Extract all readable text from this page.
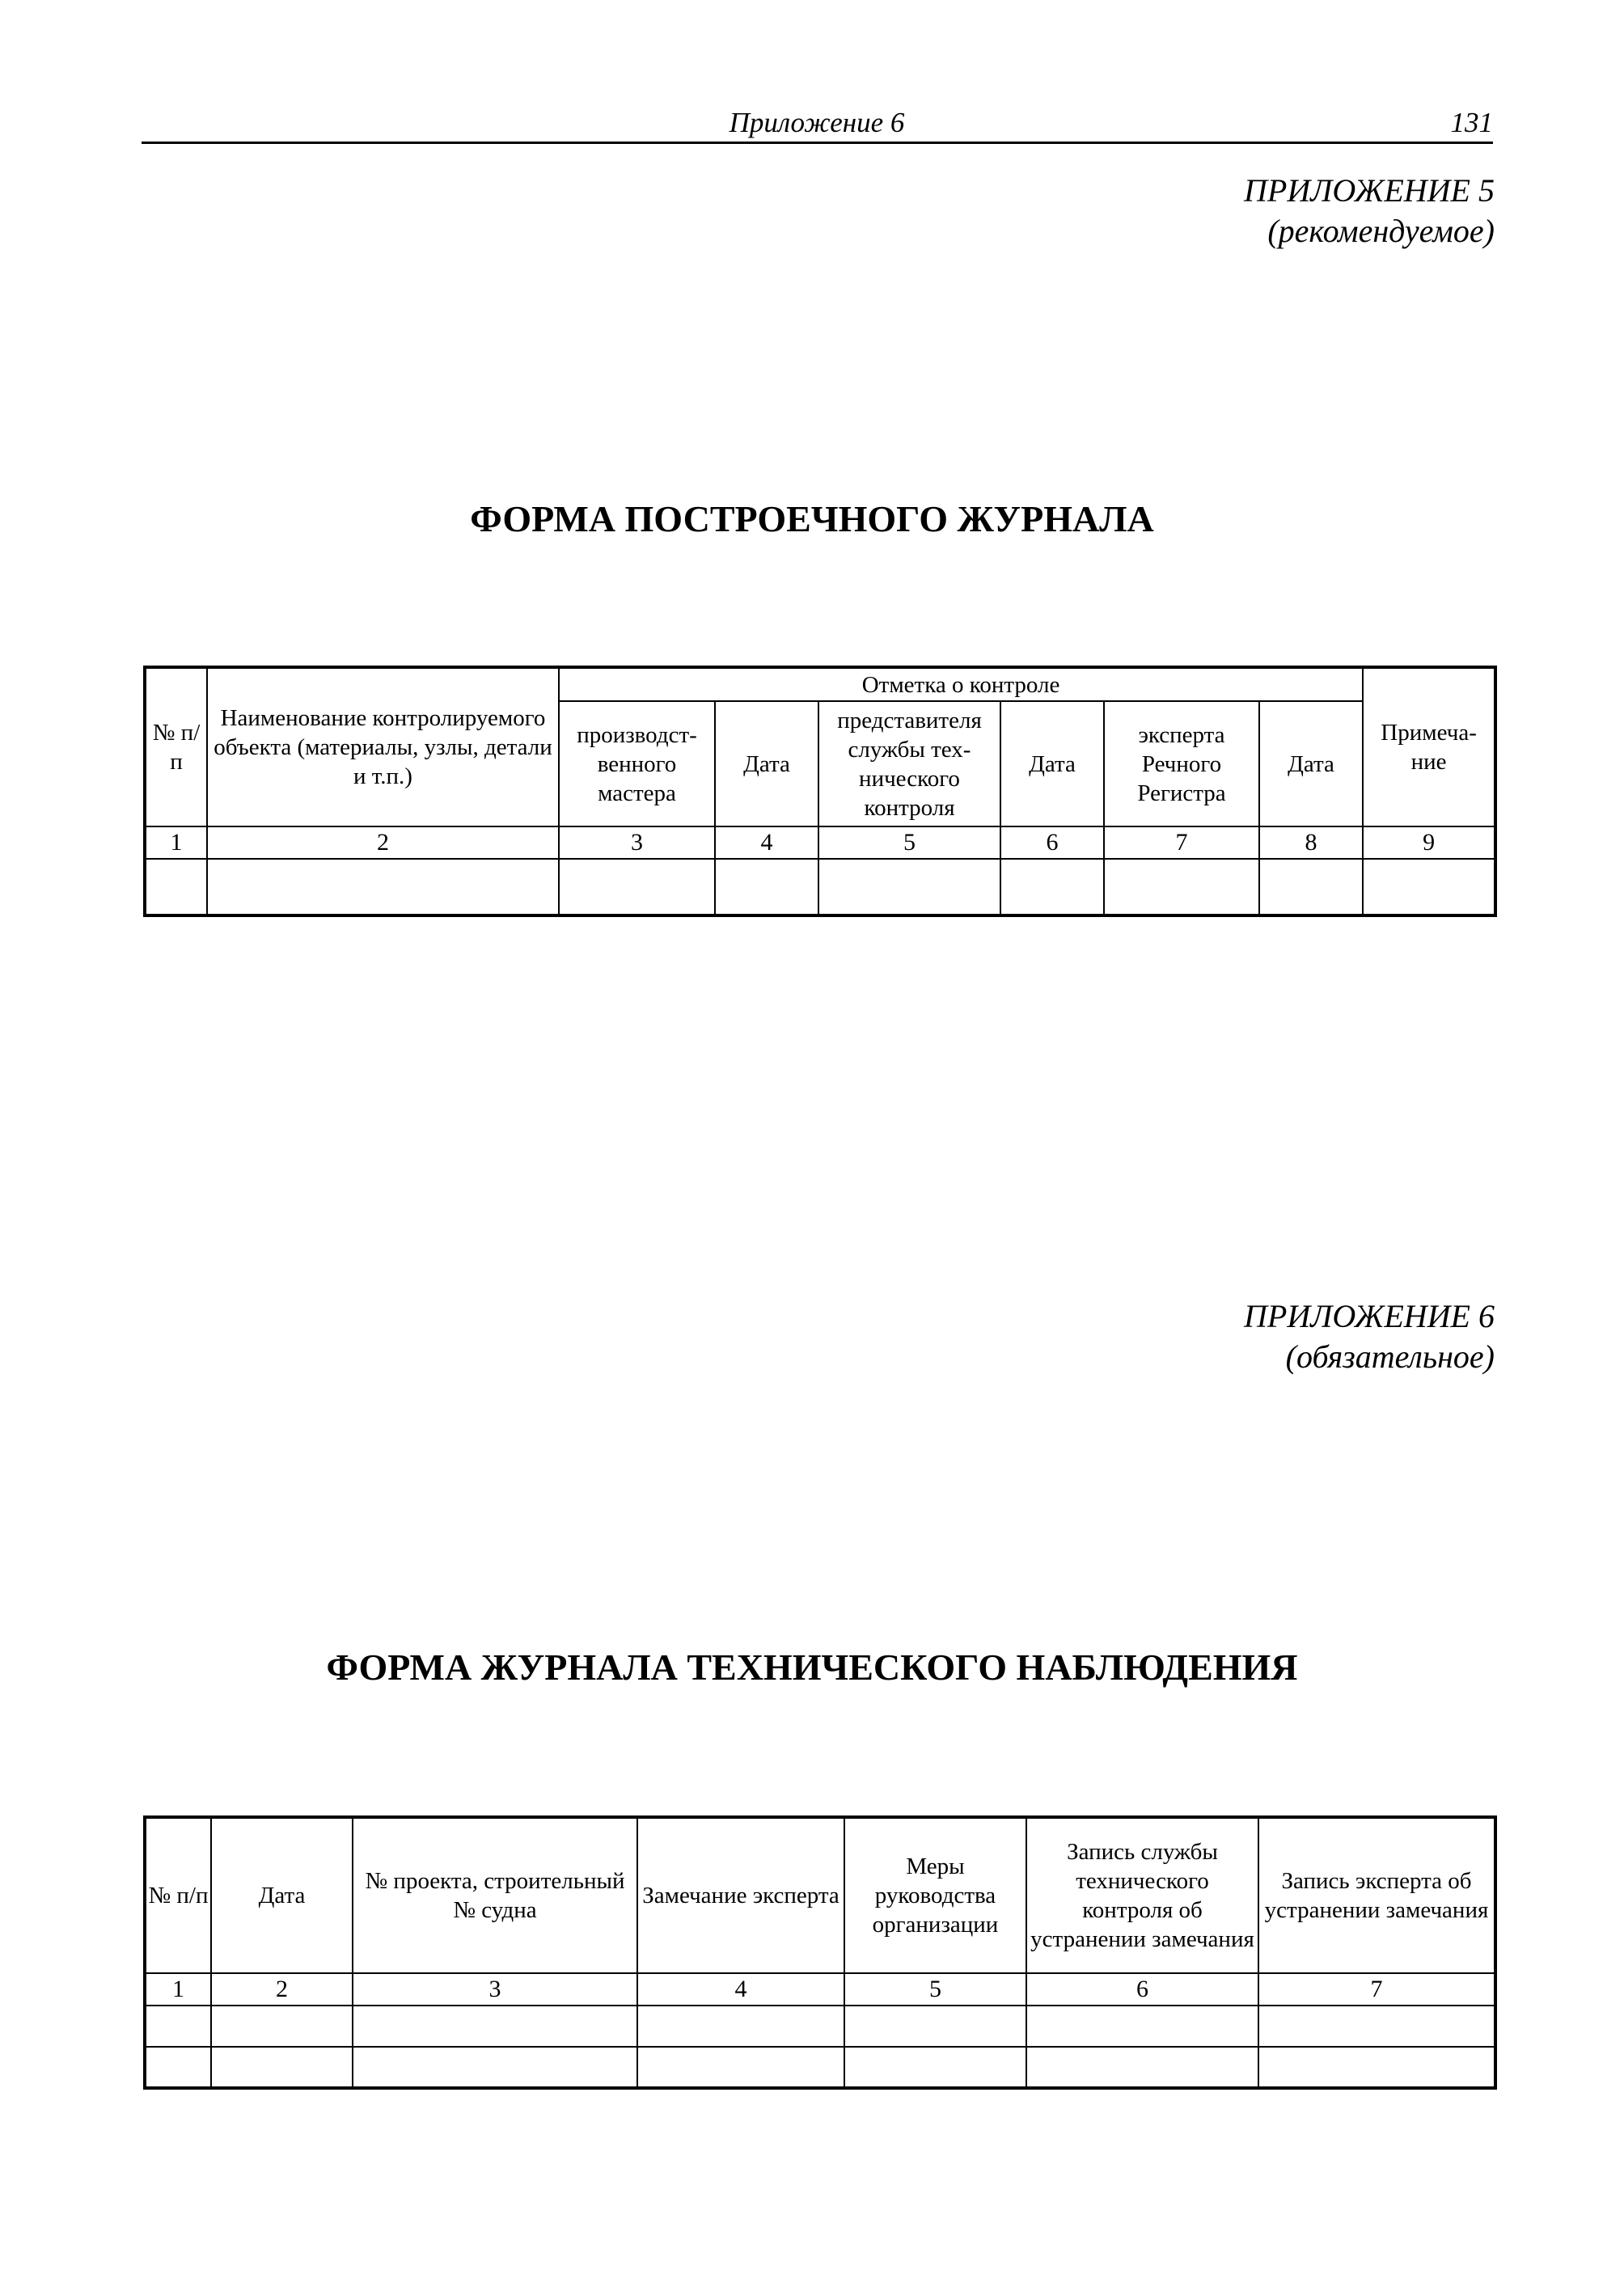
Приложение 6	131
ПРИЛОЖЕНИЕ 5
(рекомендуемое)
ФОРМА ПОСТРОЕЧНОГО ЖУРНАЛА
№ п/п	Наименование контролируемого объекта (материалы, узлы, детали и т.п.)	Отметка о контроле						Примеча-ние
		производст-венного мастера	Дата	представителя службы тех-нического контроля	Дата	эксперта Речного Регистра	Дата	
1	2	3	4	5	6	7	8	9

ПРИЛОЖЕНИЕ 6
(обязательное)
ФОРМА ЖУРНАЛА ТЕХНИЧЕСКОГО НАБЛЮДЕНИЯ
№ п/п	Дата	№ проекта, строительный № судна	Замечание эксперта	Меры руководства организации	Запись службы технического контроля об устранении замечания	Запись эксперта об устранении замечания
1	2	3	4	5	6	7
